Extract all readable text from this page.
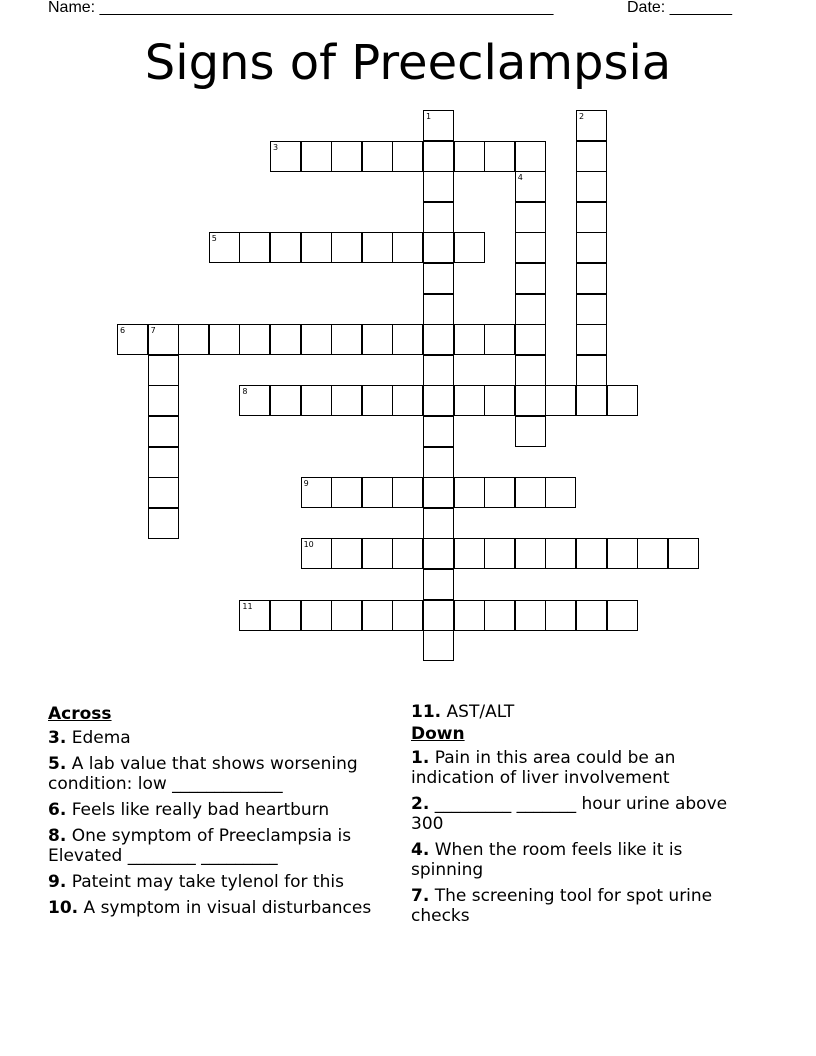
Name: ___________________________________________________	Date: _______
Signs of Preeclampsia
1	2
3
4
5
6	7
8
9
10
11
Across
3. Edema
5. A lab value that shows worsening condition: low _____________
6. Feels like really bad heartburn
8. One symptom of Preeclampsia is Elevated ________ _________
9. Pateint may take tylenol for this
10. A symptom in visual disturbances
11. AST/ALT
Down
1. Pain in this area could be an indication of liver involvement
2. _________ _______ hour urine above 300
4. When the room feels like it is spinning
7. The screening tool for spot urine checks
